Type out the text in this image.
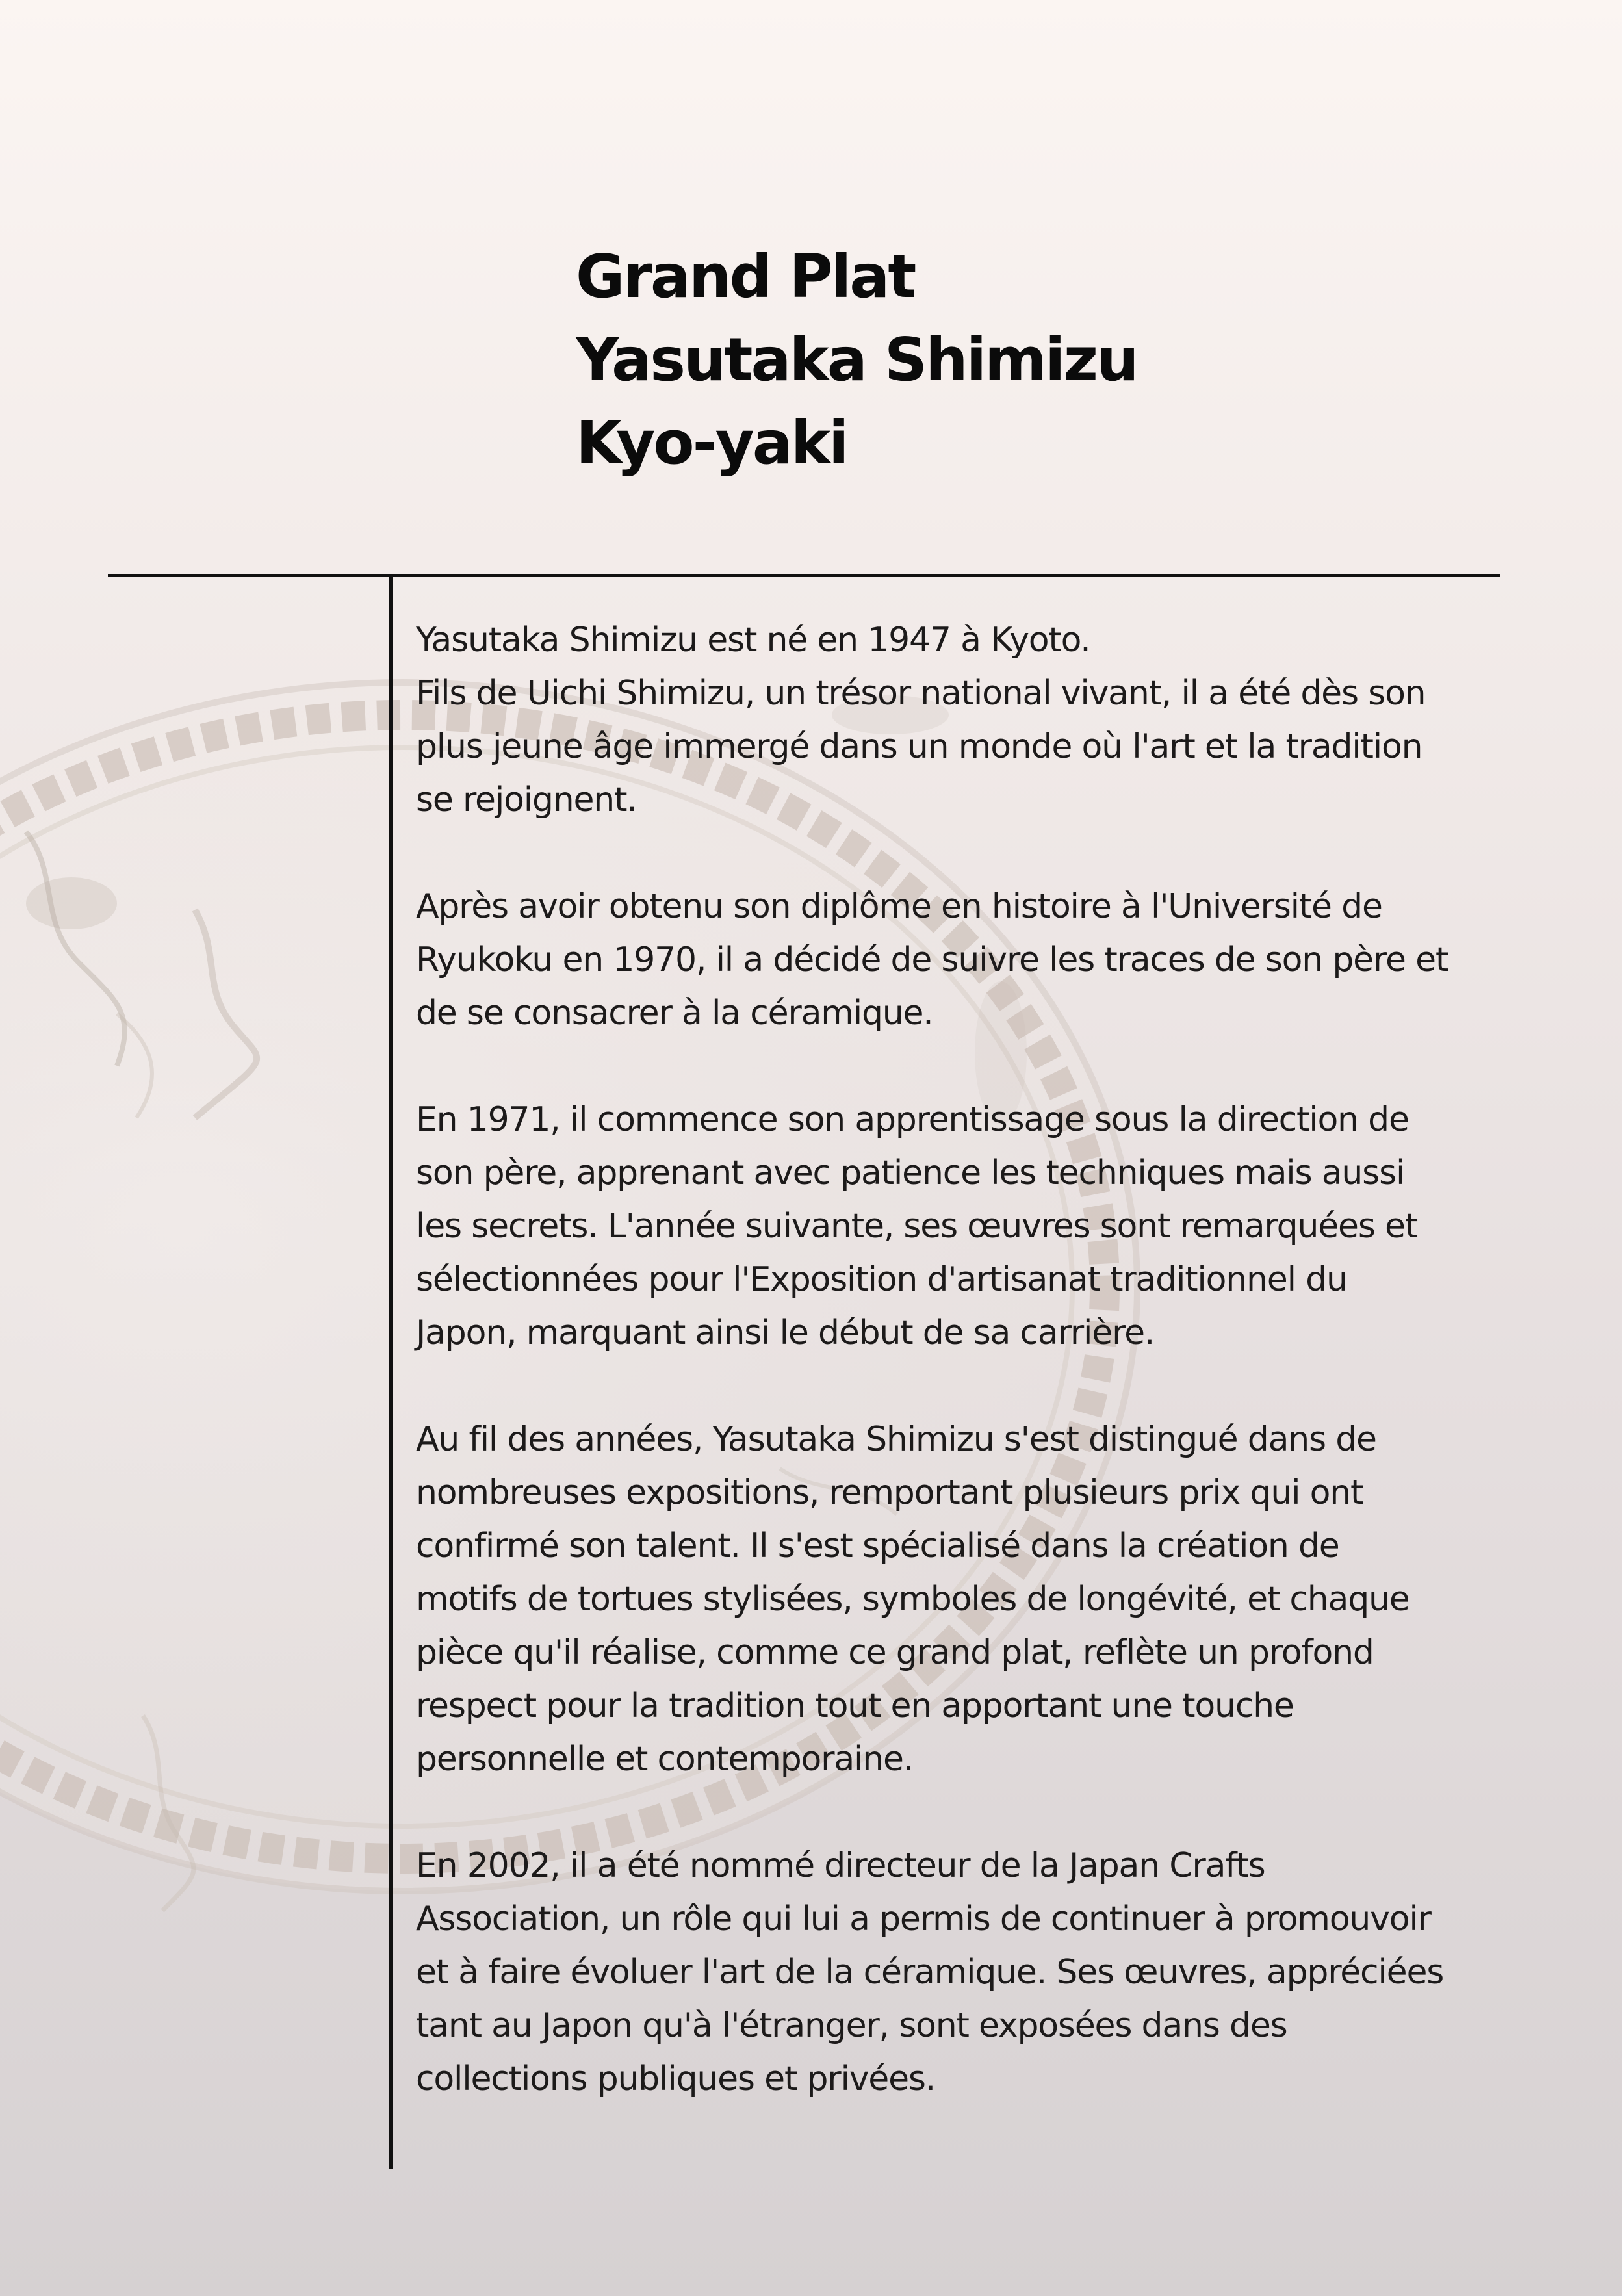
Grand Plat
Yasutaka Shimizu
Kyo-yaki

Yasutaka Shimizu est né en 1947 à Kyoto.
Fils de Uichi Shimizu, un trésor national vivant, il a été dès son
plus jeune âge immergé dans un monde où l'art et la tradition
se rejoignent.

Après avoir obtenu son diplôme en histoire à l'Université de
Ryukoku en 1970, il a décidé de suivre les traces de son père et
de se consacrer à la céramique.

En 1971, il commence son apprentissage sous la direction de
son père, apprenant avec patience les techniques mais aussi
les secrets. L'année suivante, ses œuvres sont remarquées et
sélectionnées pour l'Exposition d'artisanat traditionnel du
Japon, marquant ainsi le début de sa carrière.

Au fil des années, Yasutaka Shimizu s'est distingué dans de
nombreuses expositions, remportant plusieurs prix qui ont
confirmé son talent. Il s'est spécialisé dans la création de
motifs de tortues stylisées, symboles de longévité, et chaque
pièce qu'il réalise, comme ce grand plat, reflète un profond
respect pour la tradition tout en apportant une touche
personnelle et contemporaine.

En 2002, il a été nommé directeur de la Japan Crafts
Association, un rôle qui lui a permis de continuer à promouvoir
et à faire évoluer l'art de la céramique. Ses œuvres, appréciées
tant au Japon qu'à l'étranger, sont exposées dans des
collections publiques et privées.
